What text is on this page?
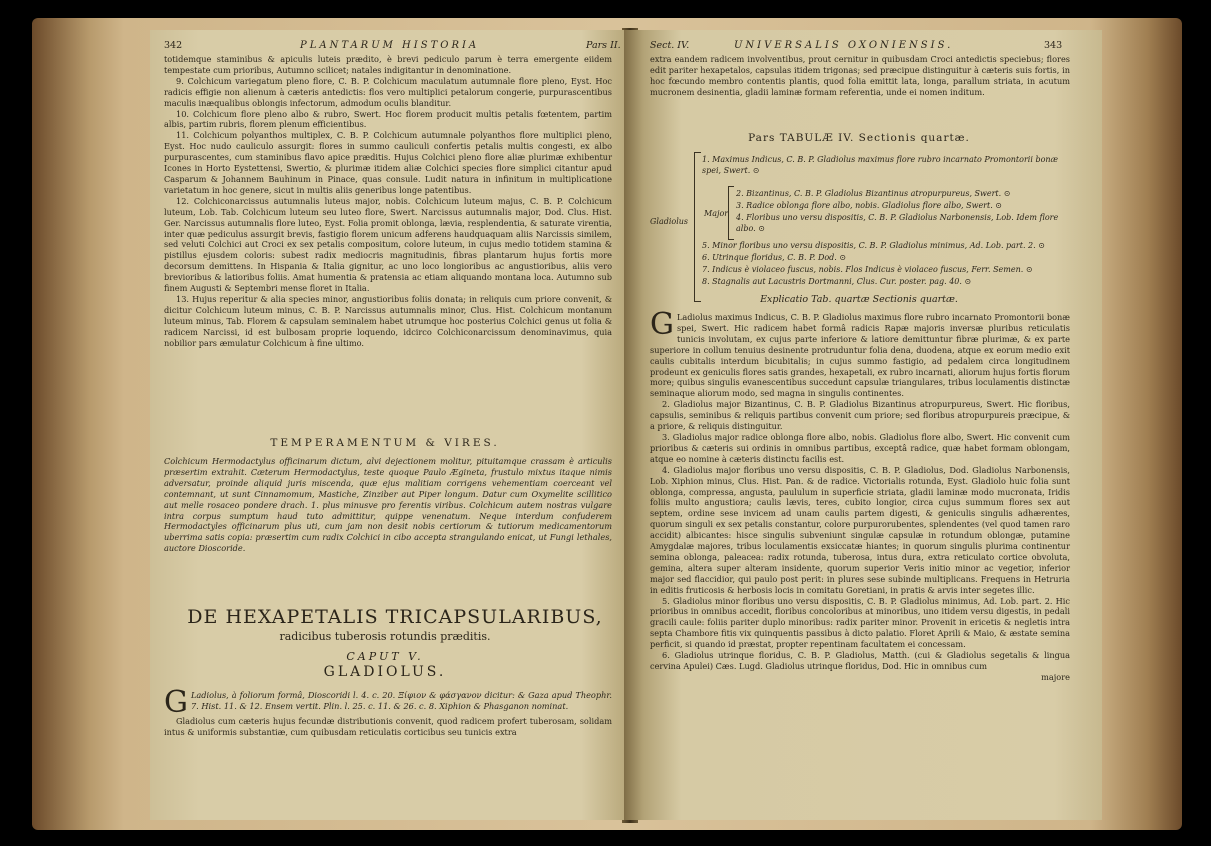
342	PLANTARUM HISTORIA	Pars II.
totidemque staminibus & apiculis luteis prædito, è brevi pediculo parum è terra emergente eiidem tempestate cum prioribus, Autumno scilicet; natales indigitantur in denominatione.
9. Colchicum variegatum pleno flore, C. B. P. Colchicum maculatum autumnale flore pleno, Eyst. Hoc radicis effigie non alienum à cæteris antedictis: flos vero multiplici petalorum congerie, purpurascentibus maculis inæqualibus oblongis infectorum, admodum oculis blanditur.
10. Colchicum flore pleno albo & rubro, Swert. Hoc florem producit multis petalis fœtentem, partim albis, partim rubris, florem plenum efficientibus.
11. Colchicum polyanthos multiplex, C. B. P. Colchicum autumnale polyanthos flore multiplici pleno, Eyst. Hoc nudo cauliculo assurgit: flores in summo cauliculi confertis petalis multis congesti, ex albo purpurascentes, cum staminibus flavo apice præditis. Hujus Colchici pleno flore aliæ plurimæ exhibentur Icones in Horto Eystettensi, Swertio, & plurimæ itidem aliæ Colchici species flore simplici citantur apud Casparum & Johannem Bauhinum in Pinace, quas consule. Ludit natura in infinitum in multiplicatione varietatum in hoc genere, sicut in multis aliis generibus longe patentibus.
12. Colchiconarcissus autumnalis luteus major, nobis. Colchicum luteum majus, C. B. P. Colchicum luteum, Lob. Tab. Colchicum luteum seu luteo flore, Swert. Narcissus autumnalis major, Dod. Clus. Hist. Ger. Narcissus autumnalis flore luteo, Eyst. Folia promit oblonga, lævia, resplendentia, & saturate virentia, inter quæ pediculus assurgit brevis, fastigio florem unicum adferens haudquaquam aliis Narcissis similem, sed veluti Colchici aut Croci ex sex petalis compositum, colore luteum, in cujus medio totidem stamina & pistillus ejusdem coloris: subest radix mediocris magnitudinis, fibras plantarum hujus fortis more decorsum demittens. In Hispania & Italia gignitur, ac uno loco longioribus ac angustioribus, aliis vero brevioribus & latioribus foliis. Amat humentia & pratensia ac etiam aliquando montana loca. Autumno sub finem Augusti & Septembri mense floret in Italia.
13. Hujus reperitur & alia species minor, angustioribus foliis donata; in reliquis cum priore convenit, & dicitur Colchicum luteum minus, C. B. P. Narcissus autumnalis minor, Clus. Hist. Colchicum montanum luteum minus, Tab. Florem & capsulam seminalem habet utrumque hoc posterius Colchici genus ut folia & radicem Narcissi, id est bulbosam proprie loquendo, idcirco Colchiconarcissum denominavimus, quia nobilior pars æmulatur Colchicum à fine ultimo.
TEMPERAMENTUM & VIRES.
Colchicum Hermodactylus officinarum dictum, alvi dejectionem molitur, pituitamque crassam è articulis præsertim extrahit. Cæterum Hermodactylus, teste quoque Paulo Ægineta, frustulo mixtus itaque nimis adversatur, proinde aliquid juris miscenda, quæ ejus malitiam corrigens vehementiam coerceant vel contemnant, ut sunt Cinnamomum, Mastiche, Zinziber aut Piper longum. Datur cum Oxymelite scillitico aut melle rosaceo pondere drach. 1. plus minusve pro ferentis viribus. Colchicum autem nostras vulgare intra corpus sumptum haud tuto admittitur, quippe venenatum. Neque interdum confuderem Hermodactyles officinarum plus uti, cum jam non desit nobis certiorum & tutiorum medicamentorum uberrima satis copia: præsertim cum radix Colchici in cibo accepta strangulando enicat, ut Fungi lethales, auctore Dioscoride.
DE HEXAPETALIS TRICAPSULARIBUS,
radicibus tuberosis rotundis præditis.
CAPUT V.
GLADIOLUS.
G Ladiolus, à foliorum formâ, Dioscoridi l. 4. c. 20. Ξίφιον & φάσγανον dicitur: & Gaza apud Theophr. 7. Hist. 11. & 12. Ensem vertit. Plin. l. 25. c. 11. & 26. c. 8. Xiphion & Phasganon nominat.
Gladiolus cum cæteris hujus fecundæ distributionis convenit, quod radicem profert tuberosam, solidam intus & uniformis substantiæ, cum quibusdam reticulatis corticibus seu tunicis extra
Sect. IV.	UNIVERSALIS OXONIENSIS.	343
extra eandem radicem involventibus, prout cernitur in quibusdam Croci antedictis speciebus; flores edit pariter hexapetalos, capsulas itidem trigonas; sed præcipue distinguitur à cæteris suis fortis, in hoc fœcundo membro contentis plantis, quod folia emittit lata, longa, parallum striata, in acutum mucronem desinentia, gladii laminæ formam referentia, unde ei nomen inditum.
Pars TABULÆ IV. Sectionis quartæ.
Gladiolus
Major.
1. Maximus Indicus, C. B. P. Gladiolus maximus flore rubro incarnato Promontorii bonæ spei, Swert. ⊙
2. Bizantinus, C. B. P. Gladiolus Bizantinus atropurpureus, Swert. ⊙
3. Radice oblonga flore albo, nobis. Gladiolus flore albo, Swert. ⊙
4. Floribus uno versu dispositis, C. B. P. Gladiolus Narbonensis, Lob. Idem flore albo. ⊙
5. Minor floribus uno versu dispositis, C. B. P. Gladiolus minimus, Ad. Lob. part. 2. ⊙
6. Utrinque floridus, C. B. P. Dod. ⊙
7. Indicus è violaceo fuscus, nobis. Flos Indicus è violaceo fuscus, Ferr. Semen. ⊙
8. Stagnalis aut Lacustris Dortmanni, Clus. Cur. poster. pag. 40. ⊙
Explicatio Tab. quartæ Sectionis quartæ.
G Ladiolus maximus Indicus, C. B. P. Gladiolus maximus flore rubro incarnato Promontorii bonæ spei, Swert. Hic radicem habet formâ radicis Rapæ majoris inversæ pluribus reticulatis tunicis involutam, ex cujus parte inferiore & latiore demittuntur fibræ plurimæ, & ex parte superiore in collum tenuius desinente protruduntur folia dena, duodena, atque ex eorum medio exit caulis cubitalis interdum bicubitalis; in cujus summo fastigio, ad pedalem circa longitudinem prodeunt ex geniculis flores satis grandes, hexapetali, ex rubro incarnati, aliorum hujus fortis florum more; quibus singulis evanescentibus succedunt capsulæ triangulares, tribus loculamentis distinctæ seminaque aliorum modo, sed magna in singulis continentes.
2. Gladiolus major Bizantinus, C. B. P. Gladiolus Bizantinus atropurpureus, Swert. Hic floribus, capsulis, seminibus & reliquis partibus convenit cum priore; sed floribus atropurpureis præcipue, & a priore, & reliquis distinguitur.
3. Gladiolus major radice oblonga flore albo, nobis. Gladiolus flore albo, Swert. Hic convenit cum prioribus & cæteris sui ordinis in omnibus partibus, exceptâ radice, quæ habet formam oblongam, atque eo nomine à cæteris distinctu facilis est.
4. Gladiolus major floribus uno versu dispositis, C. B. P. Gladiolus, Dod. Gladiolus Narbonensis, Lob. Xiphion minus, Clus. Hist. Pan. & de radice. Victorialis rotunda, Eyst. Gladiolo huic folia sunt oblonga, compressa, angusta, paululum in superficie striata, gladii laminæ modo mucronata, Iridis foliis multo angustiora; caulis lævis, teres, cubito longior, circa cujus summum flores sex aut septem, ordine sese invicem ad unam caulis partem digesti, & geniculis singulis adhærentes, quorum singuli ex sex petalis constantur, colore purpurorubentes, splendentes (vel quod tamen raro accidit) albicantes: hisce singulis subveniunt singulæ capsulæ in rotundum oblongæ, putamine Amygdalæ majores, tribus loculamentis exsiccatæ hiantes; in quorum singulis plurima continentur semina oblonga, paleacea: radix rotunda, tuberosa, intus dura, extra reticulato cortice obvoluta, gemina, altera super alteram insidente, quorum superior Veris initio minor ac vegetior, inferior major sed flaccidior, qui paulo post perit: in plures sese subinde multiplicans. Frequens in Hetruria in editis fruticosis & herbosis locis in comitatu Goretiani, in pratis & arvis inter segetes illic.
5. Gladiolus minor floribus uno versu dispositis, C. B. P. Gladiolus minimus, Ad. Lob. part. 2. Hic prioribus in omnibus accedit, floribus concoloribus at minoribus, uno itidem versu digestis, in pedali gracili caule: foliis pariter duplo minoribus: radix pariter minor. Provenit in ericetis & negletis intra septa Chambore fitis vix quinquentis passibus à dicto palatio. Floret Aprili & Maio, & æstate semina perficit, si quando id præstat, propter repentinam facultatem ei concessam.
6. Gladiolus utrinque floridus, C. B. P. Gladiolus, Matth. (cui & Gladiolus segetalis & lingua cervina Apulei) Cæs. Lugd. Gladiolus utrinque floridus, Dod. Hic in omnibus cum
majore
